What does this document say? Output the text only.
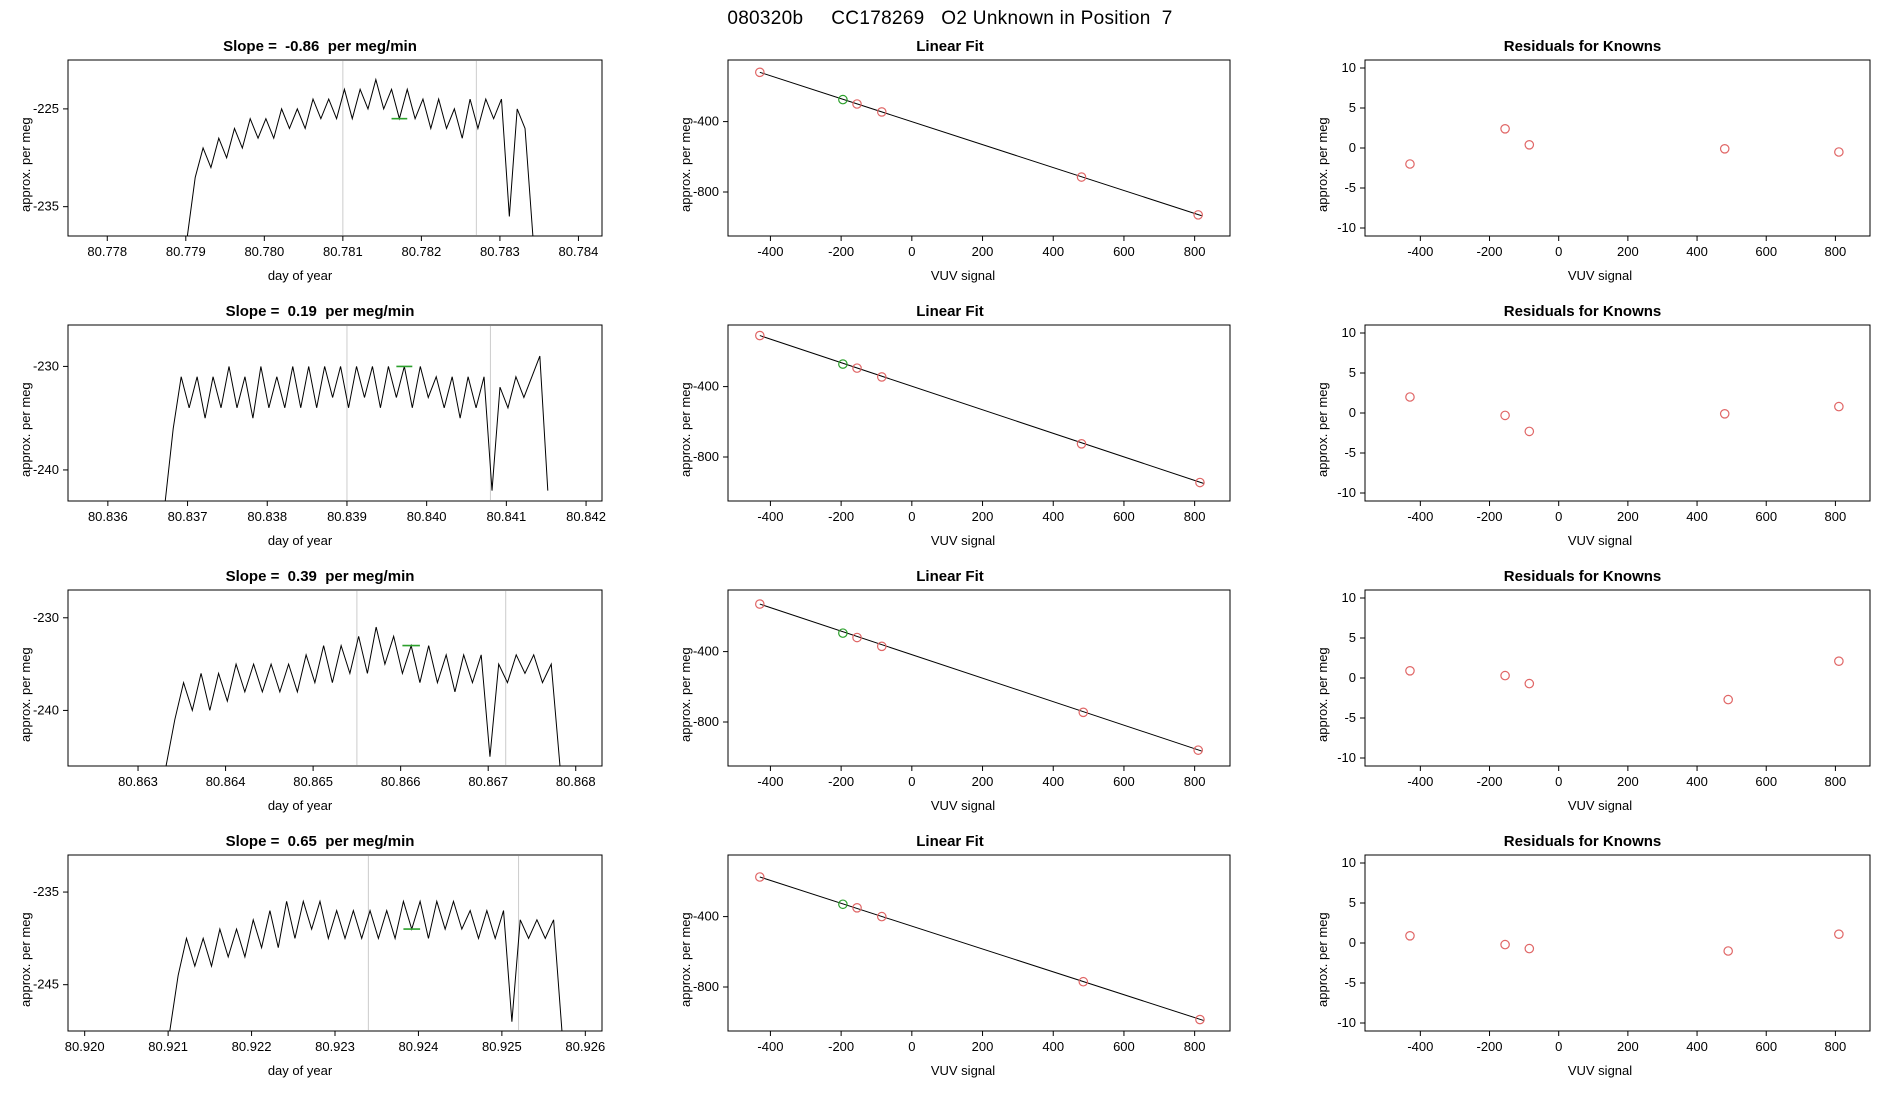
080320b     CC178269   O2 Unknown in Position  7
Slope =  -0.86  per meg/min
approx. per meg
day of year
80.778	80.779	80.780	80.781	80.782	80.783	80.784
-235
-225
Linear Fit
approx. per meg
VUV signal
-400	-200	0	200	400	600	800
-800
-400
Residuals for Knowns
approx. per meg
VUV signal
-400	-200	0	200	400	600	800
-10
-5
0
5
10
Slope =  0.19  per meg/min
approx. per meg
day of year
80.836	80.837	80.838	80.839	80.840	80.841	80.842
-240
-230
Linear Fit
approx. per meg
VUV signal
-400	-200	0	200	400	600	800
-800
-400
Residuals for Knowns
approx. per meg
VUV signal
-400	-200	0	200	400	600	800
-10
-5
0
5
10
Slope =  0.39  per meg/min
approx. per meg
day of year
80.863	80.864	80.865	80.866	80.867	80.868
-240
-230
Linear Fit
approx. per meg
VUV signal
-400	-200	0	200	400	600	800
-800
-400
Residuals for Knowns
approx. per meg
VUV signal
-400	-200	0	200	400	600	800
-10
-5
0
5
10
Slope =  0.65  per meg/min
approx. per meg
day of year
80.920	80.921	80.922	80.923	80.924	80.925	80.926
-245
-235
Linear Fit
approx. per meg
VUV signal
-400	-200	0	200	400	600	800
-800
-400
Residuals for Knowns
approx. per meg
VUV signal
-400	-200	0	200	400	600	800
-10
-5
0
5
10
